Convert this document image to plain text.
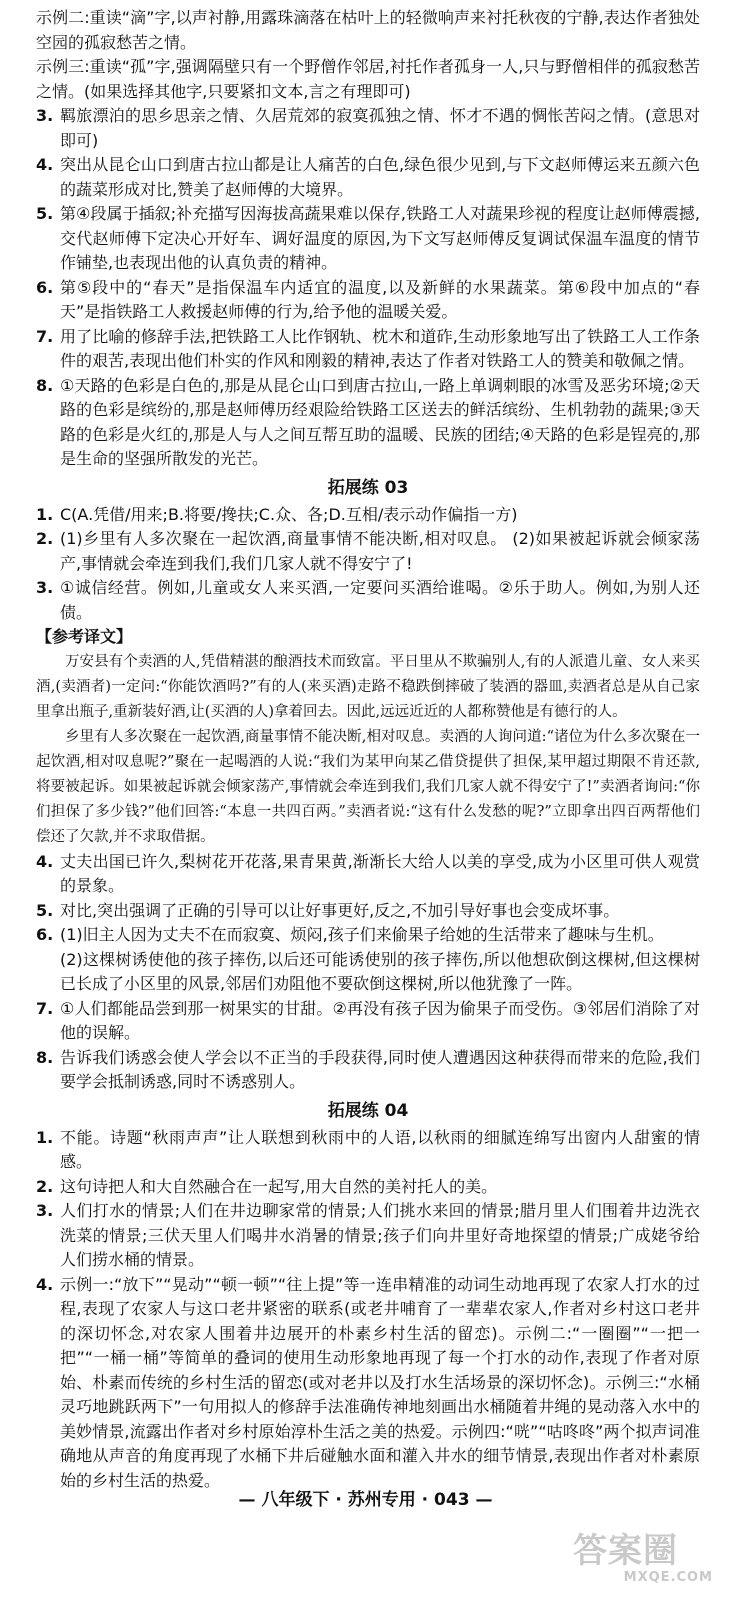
示例二:重读“滴”字,以声衬静,用露珠滴落在枯叶上的轻微响声来衬托秋夜的宁静,表达作者独处空园的孤寂愁苦之情。

示例三:重读“孤”字,强调隔壁只有一个野僧作邻居,衬托作者孤身一人,只与野僧相伴的孤寂愁苦之情。(如果选择其他字,只要紧扣文本,言之有理即可)

3. 羁旅漂泊的思乡思亲之情、久居荒郊的寂寞孤独之情、怀才不遇的惆怅苦闷之情。(意思对即可)
4. 突出从昆仑山口到唐古拉山都是让人痛苦的白色,绿色很少见到,与下文赵师傅运来五颜六色的蔬菜形成对比,赞美了赵师傅的大境界。
5. 第④段属于插叙;补充描写因海拔高蔬果难以保存,铁路工人对蔬果珍视的程度让赵师傅震撼,交代赵师傅下定决心开好车、调好温度的原因,为下文写赵师傅反复调试保温车温度的情节作铺垫,也表现出他的认真负责的精神。
6. 第⑤段中的“春天”是指保温车内适宜的温度,以及新鲜的水果蔬菜。第⑥段中加点的“春天”是指铁路工人救援赵师傅的行为,给予他的温暖关爱。
7. 用了比喻的修辞手法,把铁路工人比作钢轨、枕木和道砟,生动形象地写出了铁路工人工作条件的艰苦,表现出他们朴实的作风和刚毅的精神,表达了作者对铁路工人的赞美和敬佩之情。
8. ①天路的色彩是白色的,那是从昆仑山口到唐古拉山,一路上单调刺眼的冰雪及恶劣环境;②天路的色彩是缤纷的,那是赵师傅历经艰险给铁路工区送去的鲜活缤纷、生机勃勃的蔬果;③天路的色彩是火红的,那是人与人之间互帮互助的温暖、民族的团结;④天路的色彩是锃亮的,那是生命的坚强所散发的光芒。
拓展练 03
1. C(A.凭借/用来;B.将要/搀扶;C.众、各;D.互相/表示动作偏指一方)
2. (1)乡里有人多次聚在一起饮酒,商量事情不能决断,相对叹息。 (2)如果被起诉就会倾家荡产,事情就会牵连到我们,我们几家人就不得安宁了!
3. ①诚信经营。例如,儿童或女人来买酒,一定要问买酒给谁喝。②乐于助人。例如,为别人还债。

【参考译文】

万安县有个卖酒的人,凭借精湛的酿酒技术而致富。平日里从不欺骗别人,有的人派遣儿童、女人来买酒,(卖酒者)一定问:“你能饮酒吗?”有的人(来买酒)走路不稳跌倒摔破了装酒的器皿,卖酒者总是从自己家里拿出瓶子,重新装好酒,让(买酒的人)拿着回去。因此,远远近近的人都称赞他是有德行的人。

乡里有人多次聚在一起饮酒,商量事情不能决断,相对叹息。卖酒的人询问道:“诸位为什么多次聚在一起饮酒,相对叹息呢?”聚在一起喝酒的人说:“我们为某甲向某乙借贷提供了担保,某甲超过期限不肯还款,将要被起诉。如果被起诉就会倾家荡产,事情就会牵连到我们,我们几家人就不得安宁了!”卖酒者询问:“你们担保了多少钱?”他们回答:“本息一共四百两。”卖酒者说:“这有什么发愁的呢?”立即拿出四百两帮他们偿还了欠款,并不求取借据。

4. 丈夫出国已许久,梨树花开花落,果青果黄,渐渐长大给人以美的享受,成为小区里可供人观赏的景象。
5. 对比,突出强调了正确的引导可以让好事更好,反之,不加引导好事也会变成坏事。
6. (1)旧主人因为丈夫不在而寂寞、烦闷,孩子们来偷果子给她的生活带来了趣味与生机。

(2)这棵树诱使他的孩子摔伤,以后还可能诱使别的孩子摔伤,所以他想砍倒这棵树,但这棵树已长成了小区里的风景,邻居们劝阻他不要砍倒这棵树,所以他犹豫了一阵。

7. ①人们都能品尝到那一树果实的甘甜。②再没有孩子因为偷果子而受伤。③邻居们消除了对他的误解。
8. 告诉我们诱惑会使人学会以不正当的手段获得,同时使人遭遇因这种获得而带来的危险,我们要学会抵制诱惑,同时不诱惑别人。
拓展练 04
1. 不能。诗题“秋雨声声”让人联想到秋雨中的人语,以秋雨的细腻连绵写出窗内人甜蜜的情感。
2. 这句诗把人和大自然融合在一起写,用大自然的美衬托人的美。
3. 人们打水的情景;人们在井边聊家常的情景;人们挑水来回的情景;腊月里人们围着井边洗衣洗菜的情景;三伏天里人们喝井水消暑的情景;孩子们向井里好奇地探望的情景;广成姥爷给人们捞水桶的情景。
4. 示例一:“放下”“晃动”“顿一顿”“往上提”等一连串精准的动词生动地再现了农家人打水的过程,表现了农家人与这口老井紧密的联系(或老井哺育了一辈辈农家人,作者对乡村这口老井的深切怀念,对农家人围着井边展开的朴素乡村生活的留恋)。示例二:“一圈圈”“一把一把”“一桶一桶”等简单的叠词的使用生动形象地再现了每一个打水的动作,表现了作者对原始、朴素而传统的乡村生活的留恋(或对老井以及打水生活场景的深切怀念)。示例三:“水桶灵巧地跳跃两下”一句用拟人的修辞手法准确传神地刻画出水桶随着井绳的晃动落入水中的美妙情景,流露出作者对乡村原始淳朴生活之美的热爱。示例四:“咣”“咕咚咚”两个拟声词准确地从声音的角度再现了水桶下井后碰触水面和灌入井水的细节情景,表现出作者对朴素原始的乡村生活的热爱。
— 八年级下 · 苏州专用 · 043 —
答案圈
MXQE.COM
